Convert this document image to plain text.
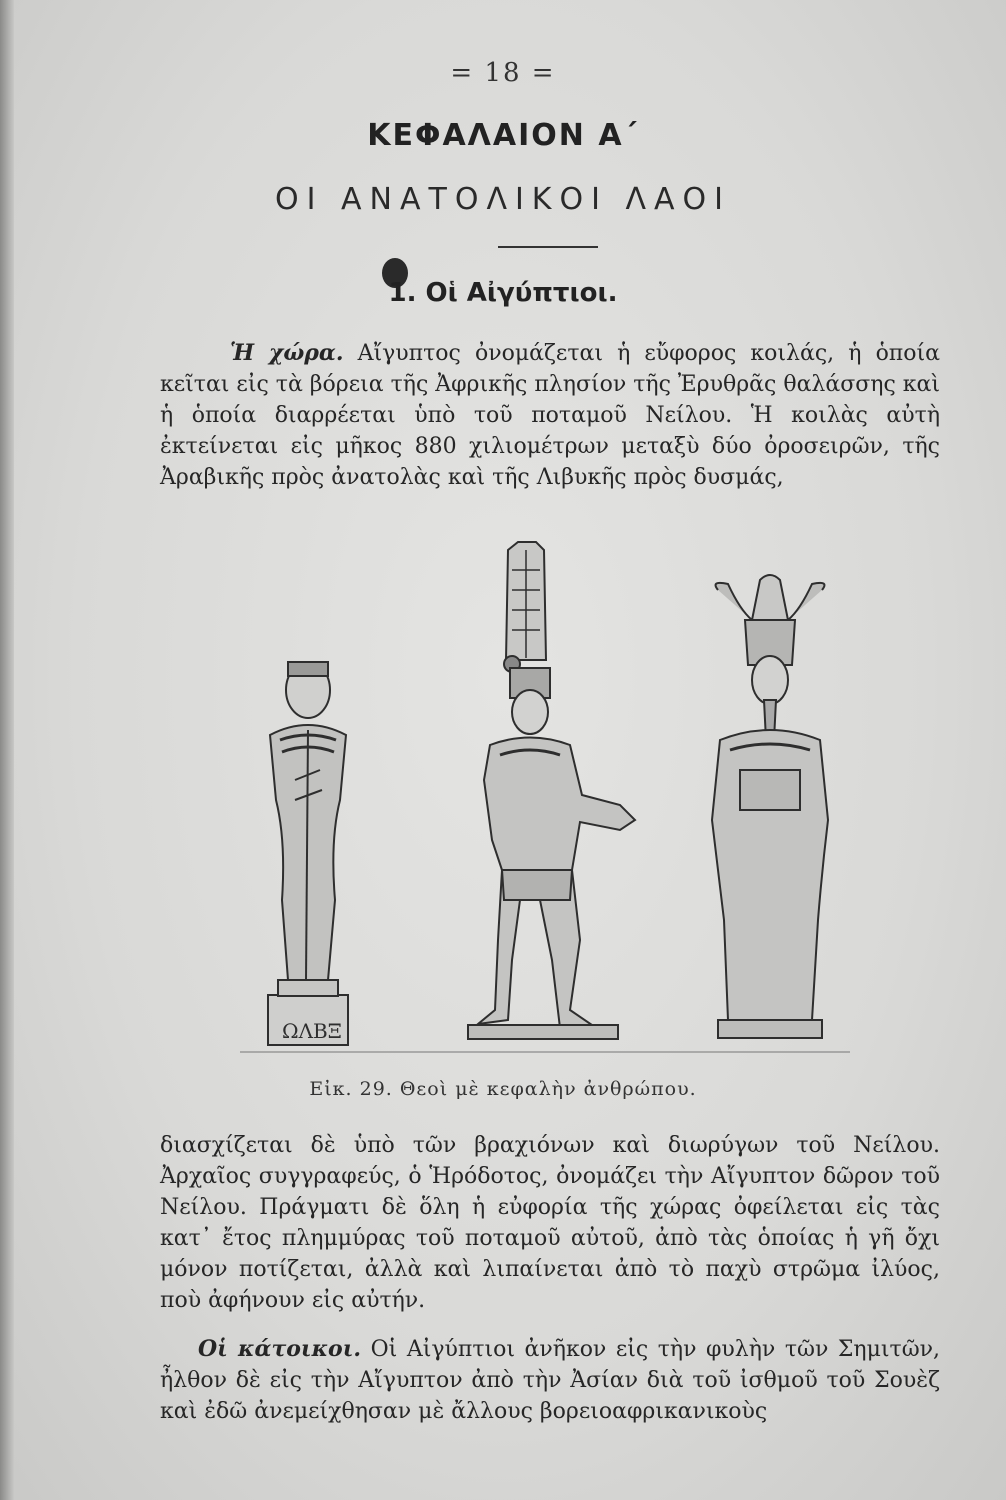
= 18 =
ΚΕΦΑΛΑΙΟΝ Α΄
ΟΙ ΑΝΑΤΟΛΙΚΟΙ ΛΑΟΙ
1. Οἱ Αἰγύπτιοι.
Ἡ χώρα. Αἴγυπτος ὀνομάζεται ἡ εὔφορος κοιλάς, ἡ ὁποία κεῖται εἰς τὰ βόρεια τῆς Ἀφρικῆς πλησίον τῆς Ἐρυθρᾶς θαλάσσης καὶ ἡ ὁποία διαρρέεται ὑπὸ τοῦ ποταμοῦ Νείλου. Ἡ κοιλὰς αὐτὴ ἐκτείνεται εἰς μῆκος 880 χιλιομέτρων μεταξὺ δύο ὀροσειρῶν, τῆς Ἀραβικῆς πρὸς ἀνατολὰς καὶ τῆς Λιβυκῆς πρὸς δυσμάς,
ΩΛΒΞ
Εἰκ. 29. Θεοὶ μὲ κεφαλὴν ἀνθρώπου.
διασχίζεται δὲ ὑπὸ τῶν βραχιόνων καὶ διωρύγων τοῦ Νείλου. Ἀρχαῖος συγγραφεύς, ὁ Ἡρόδοτος, ὀνομάζει τὴν Αἴγυπτον δῶρον τοῦ Νείλου. Πράγματι δὲ ὅλη ἡ εὐφορία τῆς χώρας ὀφείλεται εἰς τὰς κατ᾽ ἔτος πλημμύρας τοῦ ποταμοῦ αὐτοῦ, ἀπὸ τὰς ὁποίας ἡ γῆ ὄχι μόνον ποτίζεται, ἀλλὰ καὶ λιπαίνεται ἀπὸ τὸ παχὺ στρῶμα ἰλύος, ποὺ ἀφήνουν εἰς αὐτήν.
Οἱ κάτοικοι. Οἱ Αἰγύπτιοι ἀνῆκον εἰς τὴν φυλὴν τῶν Σημιτῶν, ἦλθον δὲ εἰς τὴν Αἴγυπτον ἀπὸ τὴν Ἀσίαν διὰ τοῦ ἰσθμοῦ τοῦ Σουὲζ καὶ ἐδῶ ἀνεμείχθησαν μὲ ἄλλους βορειοαφρικανικοὺς
